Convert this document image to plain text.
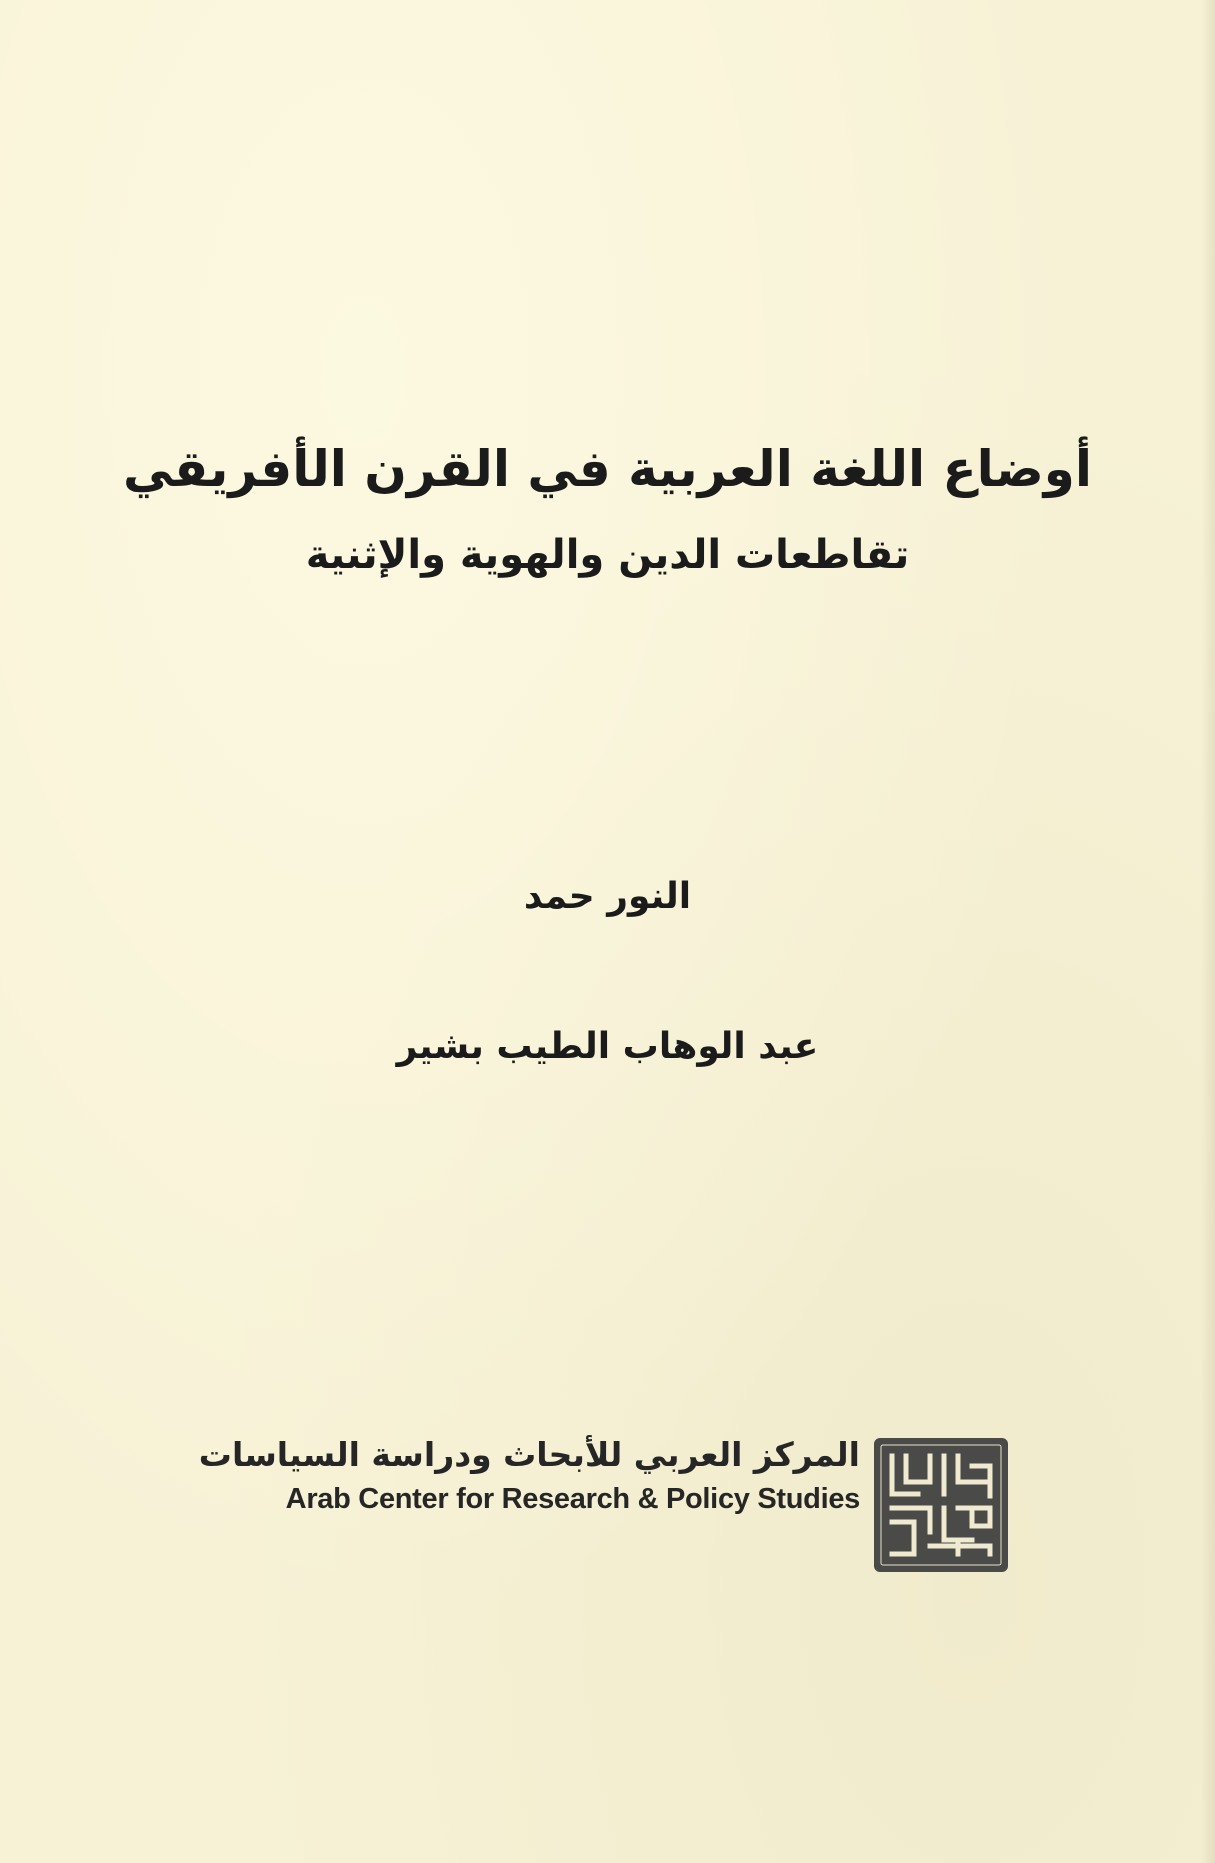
أوضاع اللغة العربية في القرن الأفريقي
تقاطعات الدين والهوية والإثنية
النور حمد
عبد الوهاب الطيب بشير
المركز العربي للأبحاث ودراسة السياسات
Arab Center for Research & Policy Studies
